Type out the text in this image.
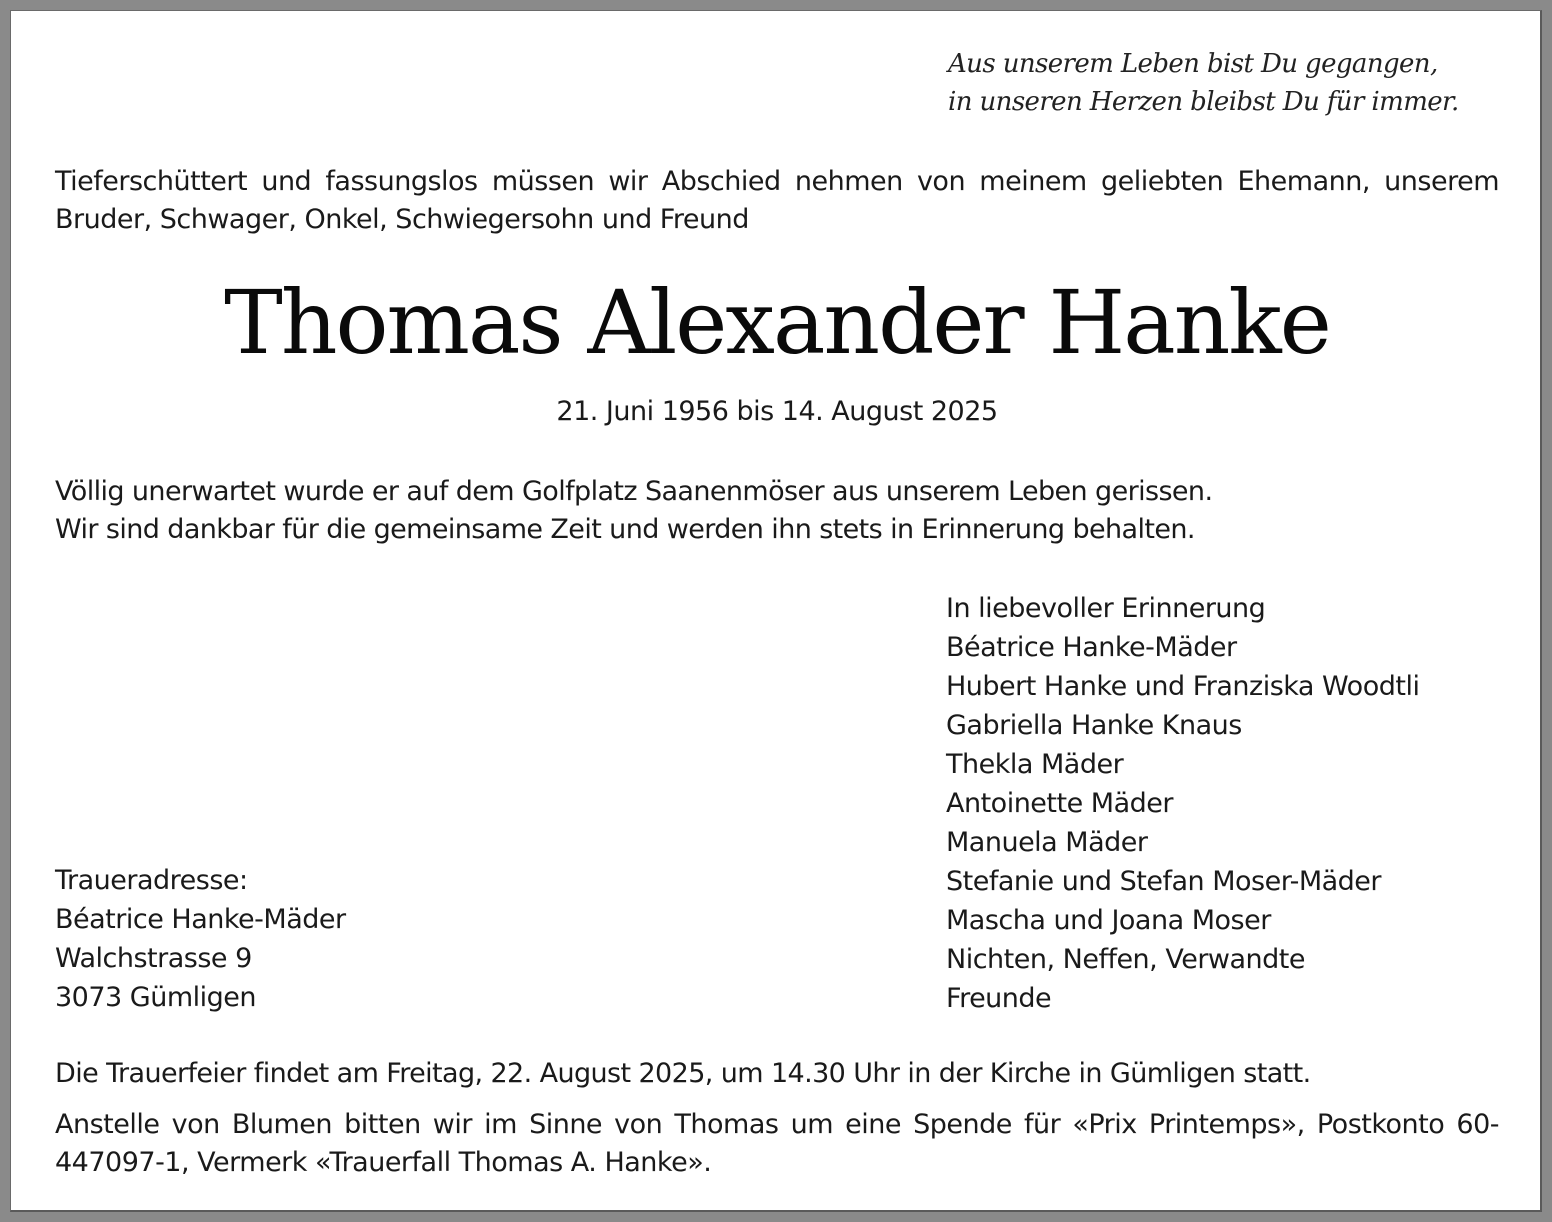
Aus unserem Leben bist Du gegangen,
in unseren Herzen bleibst Du für immer.
Tieferschüttert und fassungslos müssen wir Abschied nehmen von meinem geliebten Ehemann, unserem Bruder, Schwager, Onkel, Schwiegersohn und Freund
Thomas Alexander Hanke
21. Juni 1956 bis 14. August 2025
Völlig unerwartet wurde er auf dem Golfplatz Saanenmöser aus unserem Leben gerissen.
Wir sind dankbar für die gemeinsame Zeit und werden ihn stets in Erinnerung behalten.
In liebevoller Erinnerung
Béatrice Hanke-Mäder
Hubert Hanke und Franziska Woodtli
Gabriella Hanke Knaus
Thekla Mäder
Antoinette Mäder
Manuela Mäder
Stefanie und Stefan Moser-Mäder
Mascha und Joana Moser
Nichten, Neffen, Verwandte
Freunde
Traueradresse:
Béatrice Hanke-Mäder
Walchstrasse 9
3073 Gümligen
Die Trauerfeier findet am Freitag, 22. August 2025, um 14.30 Uhr in der Kirche in Gümligen statt.
Anstelle von Blumen bitten wir im Sinne von Thomas um eine Spende für «Prix Printemps», Postkonto 60-447097-1, Vermerk «Trauerfall Thomas A. Hanke».
